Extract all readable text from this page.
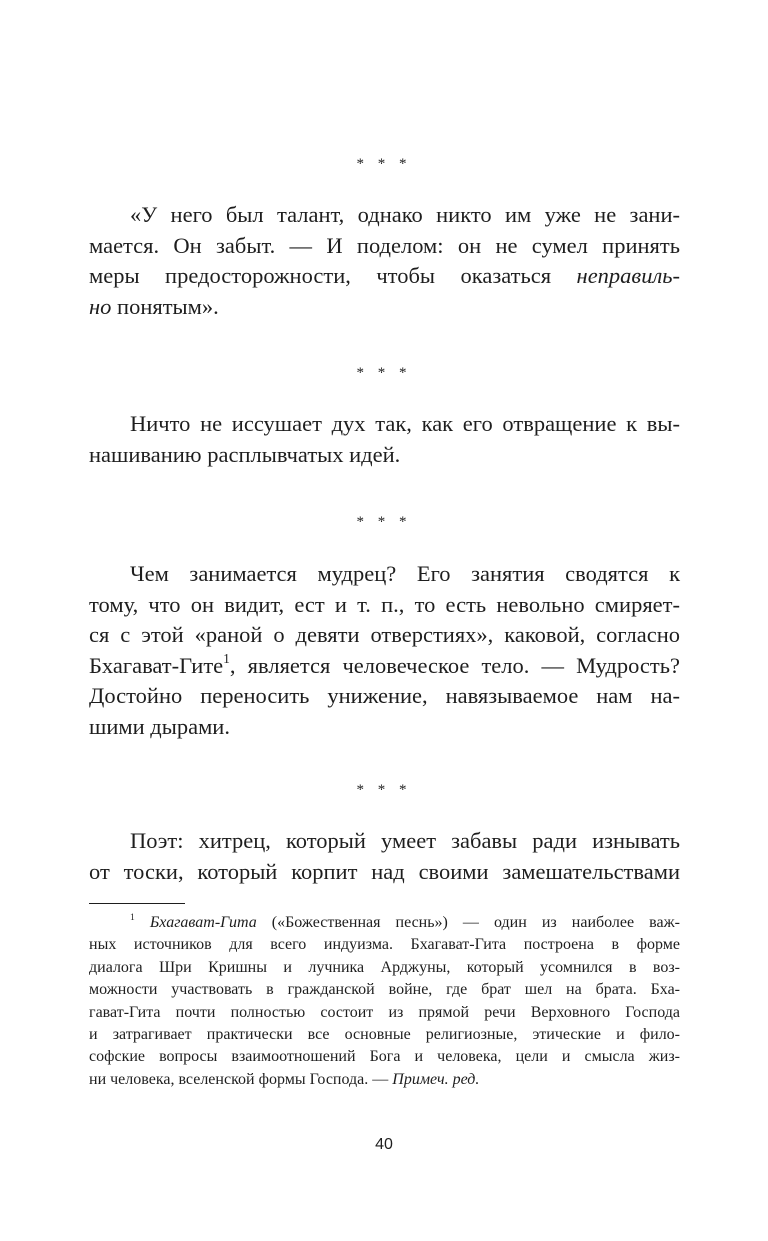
* * *

«У него был талант, однако никто им уже не зани-
мается. Он забыт. — И поделом: он не сумел принять
меры предосторожности, чтобы оказаться неправиль-
но понятым».

* * *

Ничто не иссушает дух так, как его отвращение к вы-
нашиванию расплывчатых идей.

* * *

Чем занимается мудрец? Его занятия сводятся к
тому, что он видит, ест и т. п., то есть невольно смиряет-
ся с этой «раной о девяти отверстиях», каковой, согласно
Бхагават-Гите$^1$, является человеческое тело. — Мудрость?
Достойно переносить унижение, навязываемое нам на-
шими дырами.

* * *

Поэт: хитрец, который умеет забавы ради изнывать
от тоски, который корпит над своими замешательствами

$^1$ Бхагават-Гита («Божественная песнь») — один из наиболее важ-
ных источников для всего индуизма. Бхагават-Гита построена в форме
диалога Шри Кришны и лучника Арджуны, который усомнился в воз-
можности участвовать в гражданской войне, где брат шел на брата. Бха-
гават-Гита почти полностью состоит из прямой речи Верховного Господа
и затрагивает практически все основные религиозные, этические и фило-
софские вопросы взаимоотношений Бога и человека, цели и смысла жиз-
ни человека, вселенской формы Господа. — Примеч. ред.

40
